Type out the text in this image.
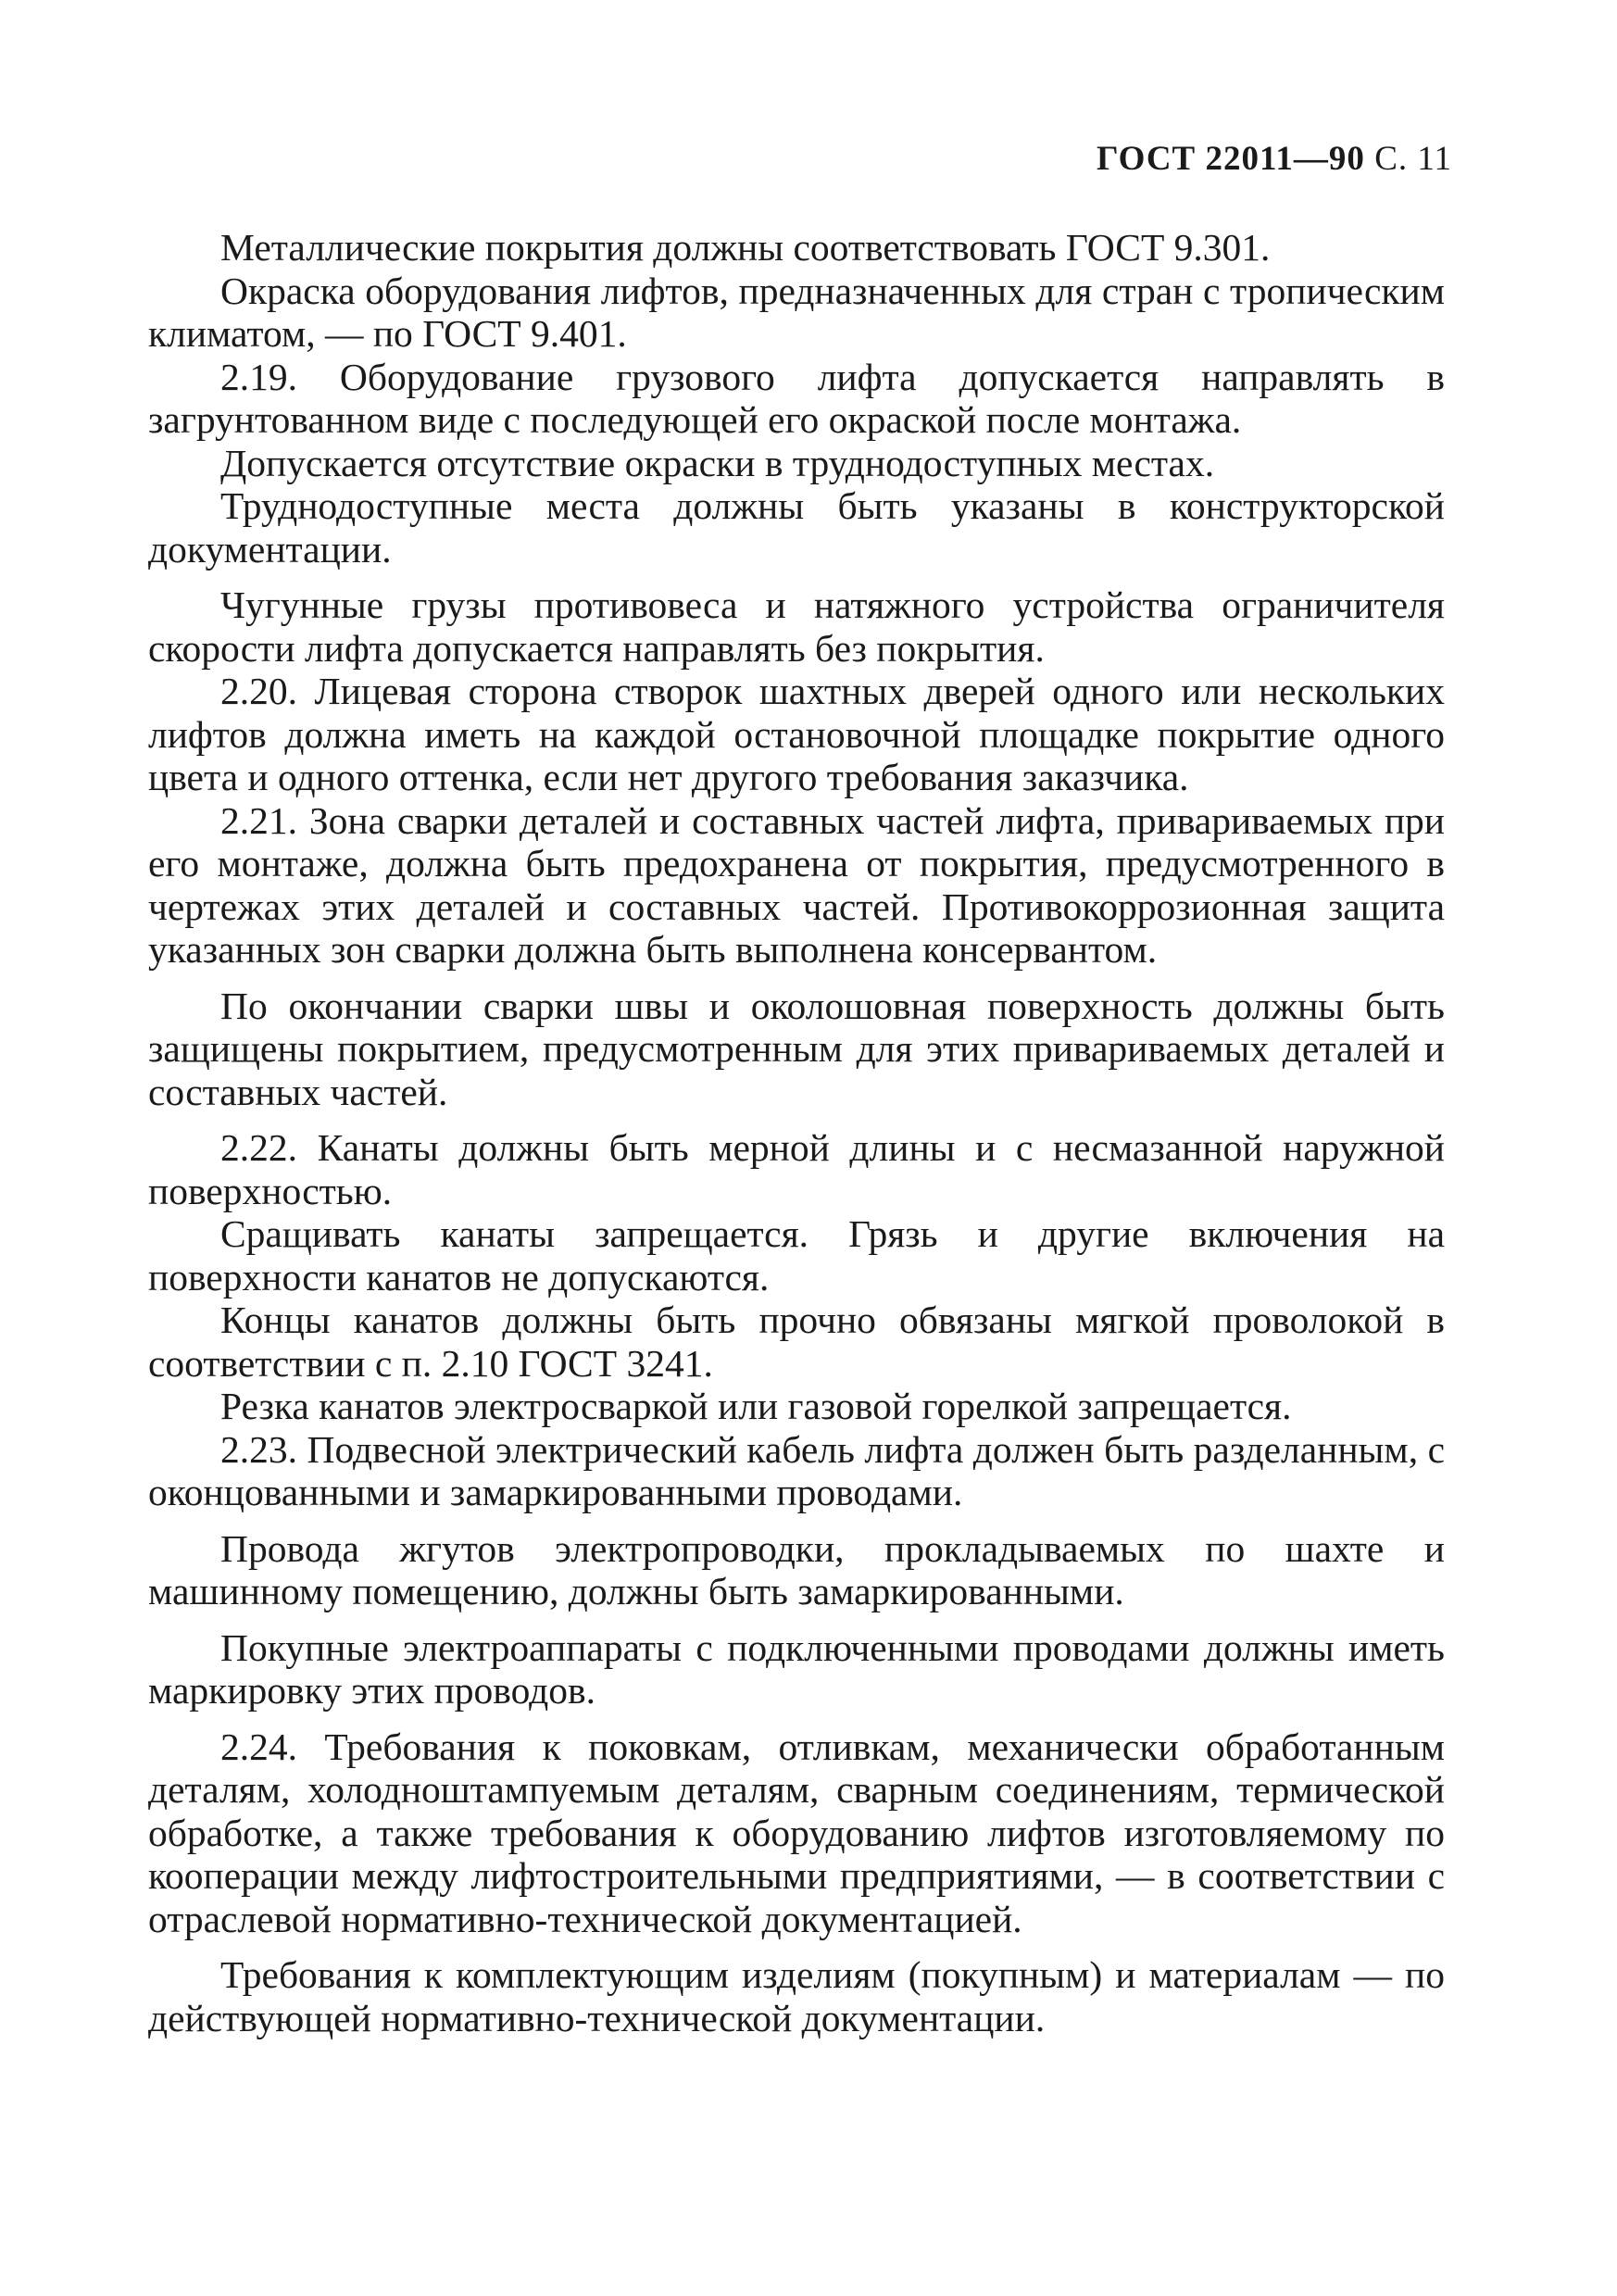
ГОСТ 22011—90 С. 11

Металлические покрытия должны соответствовать ГОСТ 9.301.

Окраска оборудования лифтов, предназначенных для стран с тропическим климатом, — по ГОСТ 9.401.

2.19. Оборудование грузового лифта допускается направлять в загрунтованном виде с последующей его окраской после монтажа.

Допускается отсутствие окраски в труднодоступных местах.

Труднодоступные места должны быть указаны в конструкторской документации.

Чугунные грузы противовеса и натяжного устройства ограничителя скорости лифта допускается направлять без покрытия.

2.20. Лицевая сторона створок шахтных дверей одного или нескольких лифтов должна иметь на каждой остановочной площадке покрытие одного цвета и одного оттенка, если нет другого требования заказчика.

2.21. Зона сварки деталей и составных частей лифта, привариваемых при его монтаже, должна быть предохранена от покрытия, предусмотренного в чертежах этих деталей и составных частей. Противокоррозионная защита указанных зон сварки должна быть выполнена консервантом.

По окончании сварки швы и околошовная поверхность должны быть защищены покрытием, предусмотренным для этих привариваемых деталей и составных частей.

2.22. Канаты должны быть мерной длины и с несмазанной наружной поверхностью.

Сращивать канаты запрещается. Грязь и другие включения на поверхности канатов не допускаются.

Концы канатов должны быть прочно обвязаны мягкой проволокой в соответствии с п. 2.10 ГОСТ 3241.

Резка канатов электросваркой или газовой горелкой запрещается.

2.23. Подвесной электрический кабель лифта должен быть разделанным, с оконцованными и замаркированными проводами.

Провода жгутов электропроводки, прокладываемых по шахте и машинному помещению, должны быть замаркированными.

Покупные электроаппараты с подключенными проводами должны иметь маркировку этих проводов.

2.24. Требования к поковкам, отливкам, механически обработанным деталям, холодноштампуемым деталям, сварным соединениям, термической обработке, а также требования к оборудованию лифтов изготовляемому по кооперации между лифтостроительными предприятиями, — в соответствии с отраслевой нормативно-технической документацией.

Требования к комплектующим изделиям (покупным) и материалам — по действующей нормативно-технической документации.
